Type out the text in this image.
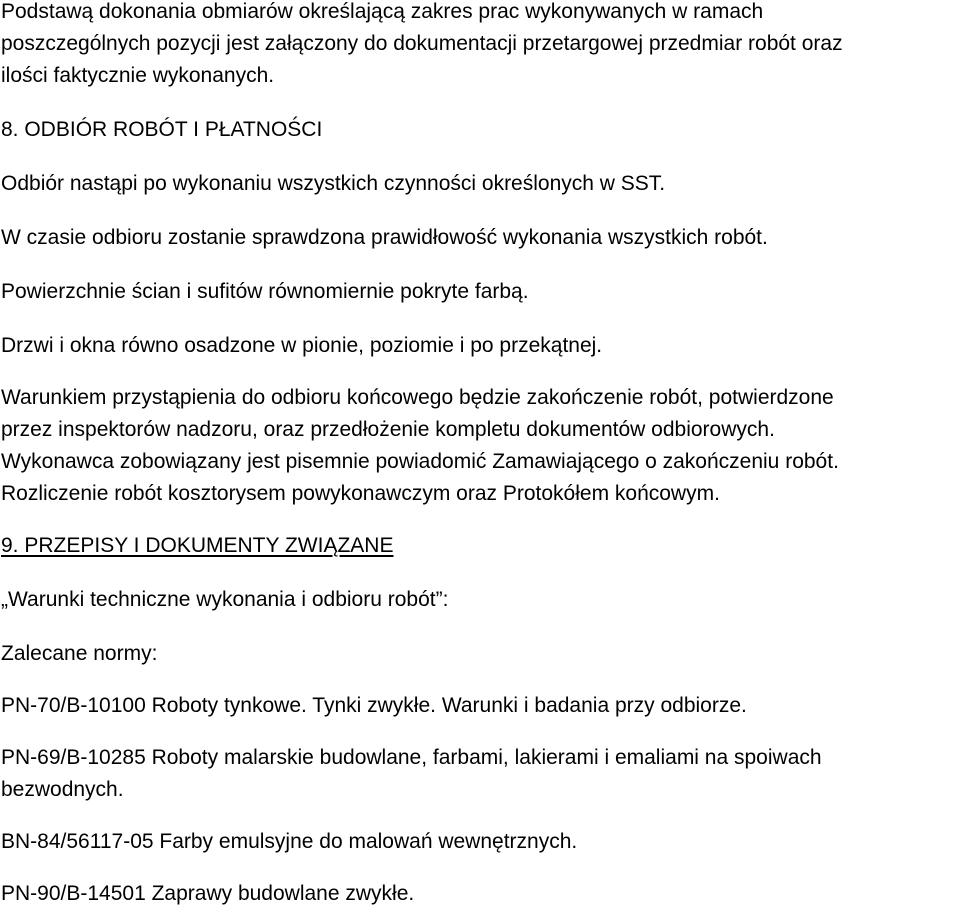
Podstawą dokonania obmiarów określającą zakres prac wykonywanych w ramach
poszczególnych pozycji jest załączony do dokumentacji przetargowej przedmiar robót oraz
ilości faktycznie wykonanych.
8. ODBIÓR ROBÓT I PŁATNOŚCI
Odbiór nastąpi po wykonaniu wszystkich czynności określonych w SST.
W czasie odbioru zostanie sprawdzona prawidłowość wykonania wszystkich robót.
Powierzchnie ścian i sufitów równomiernie pokryte farbą.
Drzwi i okna równo osadzone w pionie, poziomie i po przekątnej.
Warunkiem przystąpienia do odbioru końcowego będzie zakończenie robót, potwierdzone
przez inspektorów nadzoru, oraz przedłożenie kompletu dokumentów odbiorowych.
Wykonawca zobowiązany jest pisemnie powiadomić Zamawiającego o zakończeniu robót.
Rozliczenie robót kosztorysem powykonawczym oraz Protokółem końcowym.
9. PRZEPISY I DOKUMENTY ZWIĄZANE
„Warunki techniczne wykonania i odbioru robót”:
Zalecane normy:
PN-70/B-10100 Roboty tynkowe. Tynki zwykłe. Warunki i badania przy odbiorze.
PN-69/B-10285 Roboty malarskie budowlane, farbami, lakierami i emaliami na spoiwach
bezwodnych.
BN-84/56117-05 Farby emulsyjne do malowań wewnętrznych.
PN-90/B-14501 Zaprawy budowlane zwykłe.
